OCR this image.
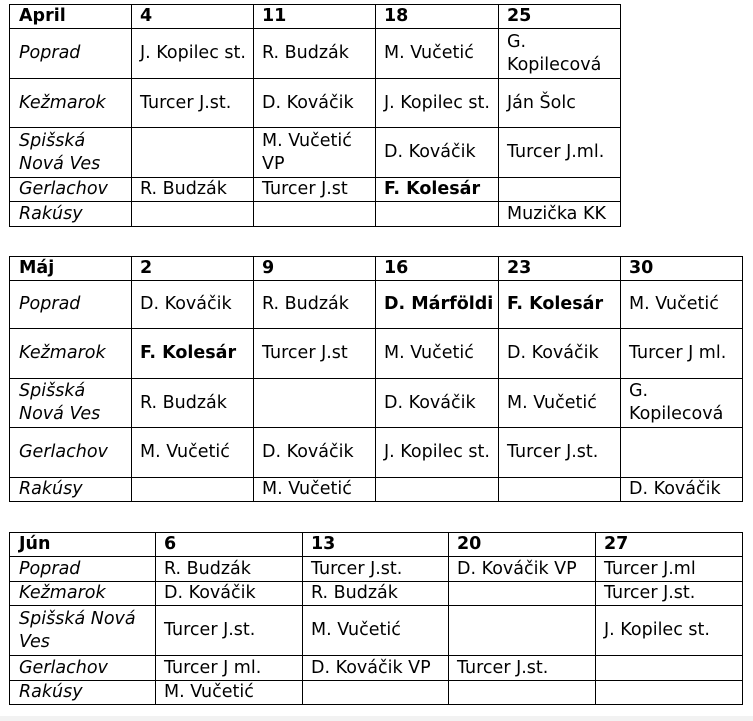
April	4	11	18	25
Poprad	J. Kopilec st.	R. Budzák	M. Vučetić	G. Kopilecová
Kežmarok	Turcer J.st.	D. Kováčik	J. Kopilec st.	Ján Šolc
Spišská Nová Ves		M. Vučetić VP	D. Kováčik	Turcer J.ml.
Gerlachov	R. Budzák	Turcer J.st	F. Kolesár	
Rakúsy				Muzička KK
Máj	2	9	16	23	30
Poprad	D. Kováčik	R. Budzák	D. Márföldi	F. Kolesár	M. Vučetić
Kežmarok	F. Kolesár	Turcer J.st	M. Vučetić	D. Kováčik	Turcer J ml.
Spišská Nová Ves	R. Budzák		D. Kováčik	M. Vučetić	G. Kopilecová
Gerlachov	M. Vučetić	D. Kováčik	J. Kopilec st.	Turcer J.st.	
Rakúsy		M. Vučetić			D. Kováčik
Jún	6	13	20	27
Poprad	R. Budzák	Turcer J.st.	D. Kováčik VP	Turcer J.ml
Kežmarok	D. Kováčik	R. Budzák		Turcer J.st.
Spišská Nová Ves	Turcer J.st.	M. Vučetić		J. Kopilec st.
Gerlachov	Turcer J ml.	D. Kováčik VP	Turcer J.st.	
Rakúsy	M. Vučetić			
